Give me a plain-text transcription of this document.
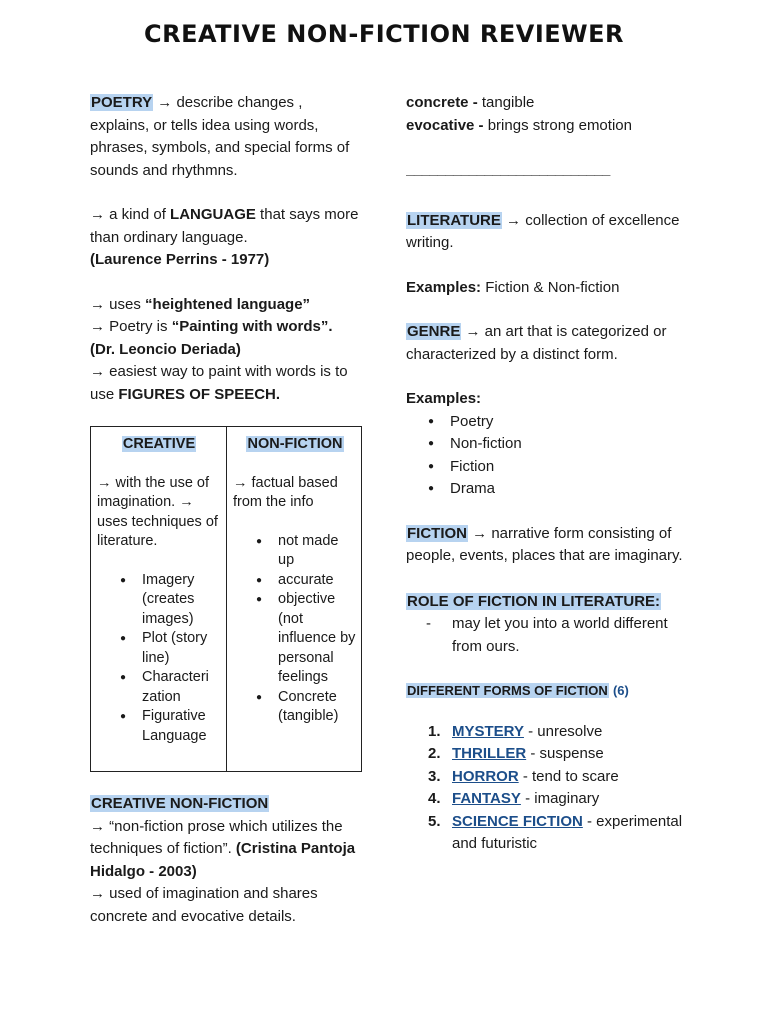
CREATIVE NON-FICTION REVIEWER

POETRY → describe changes , explains, or tells idea using words, phrases, symbols, and special forms of sounds and rhythmns.

→ a kind of LANGUAGE that says more than ordinary language.
(Laurence Perrins - 1977)

→ uses “heightened language”
→ Poetry is “Painting with words”.
(Dr. Leoncio Deriada)
→ easiest way to paint with words is to use FIGURES OF SPEECH.

CREATIVE
→ with the use of imagination. → uses techniques of literature.
● Imagery (creates images)
● Plot (story line)
● Characteri zation
● Figurative Language
NON-FICTION
→ factual based from the info
● not made up
● accurate
● objective (not influence by personal feelings
● Concrete (tangible)

CREATIVE NON-FICTION
→ “non-fiction prose which utilizes the techniques of fiction”. (Cristina Pantoja Hidalgo - 2003)
→ used of imagination and shares concrete and evocative details.

concrete - tangible
evocative - brings strong emotion

__________________________

LITERATURE → collection of excellence writing.

Examples: Fiction & Non-fiction

GENRE → an art that is categorized or characterized by a distinct form.

Examples:

● Poetry
● Non-fiction
● Fiction
● Drama

FICTION → narrative form consisting of people, events, places that are imaginary.

ROLE OF FICTION IN LITERATURE:

- may let you into a world different from ours.

DIFFERENT FORMS OF FICTION (6)

1. MYSTERY - unresolve
2. THRILLER - suspense
3. HORROR - tend to scare
4. FANTASY - imaginary
5. SCIENCE FICTION - experimental and futuristic
